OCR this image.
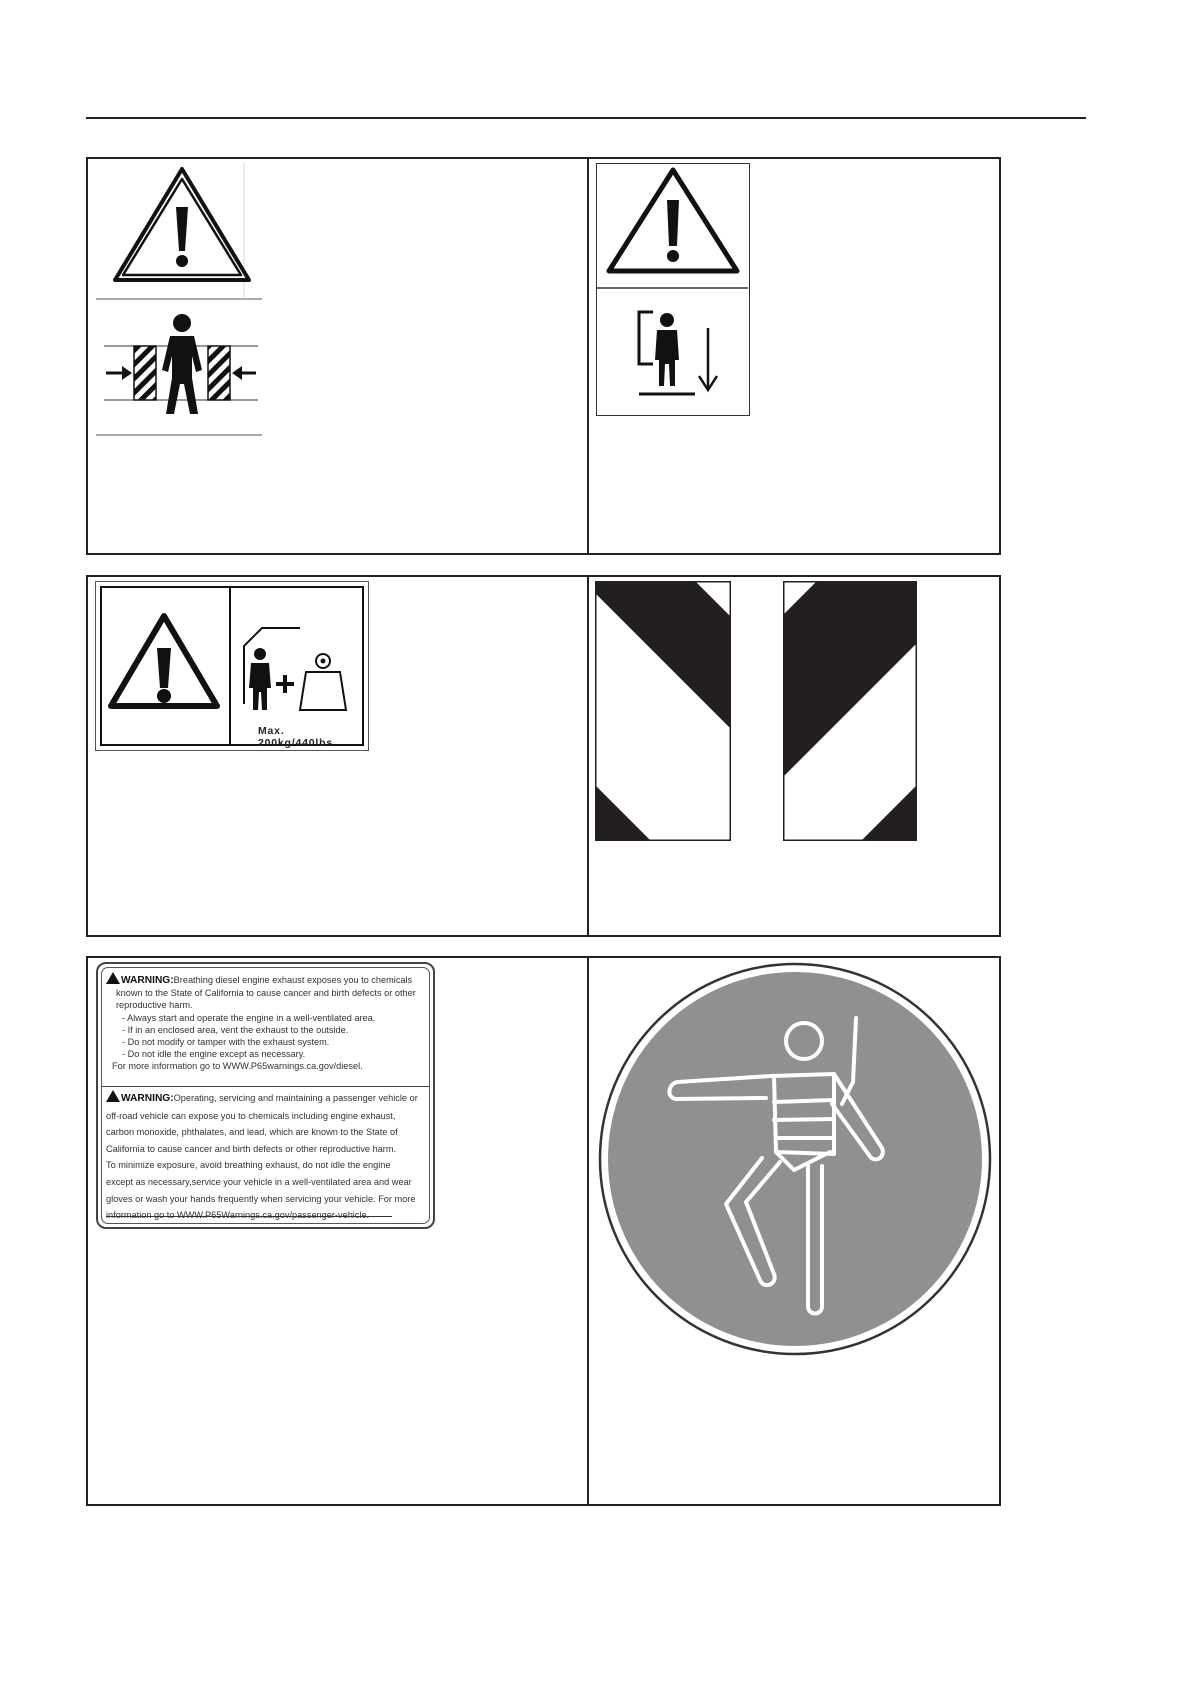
Max. 200kg/440lbs
WARNING:Breathing diesel engine exhaust exposes you to chemicals
known to the State of California to cause cancer and birth defects or other
reproductive harm.
- Always start and operate the engine in a well-ventilated area.
- If in an enclosed area, vent the exhaust to the outside.
- Do not modify or tamper with the exhaust system.
- Do not idle the engine except as necessary.
For more information go to WWW.P65warnings.ca.gov/diesel.
WARNING:Operating, servicing and maintaining a passenger vehicle or
off-road vehicle can expose you to chemicals including engine exhaust,
carbon monoxide, phthalates, and lead, which are known to the State of
California to cause cancer and birth defects or other reproductive harm.
To minimize exposure, avoid breathing exhaust, do not idle the engine
except as necessary,service your vehicle in a well-ventilated area and wear
gloves or wash your hands frequently when servicing your vehicle. For more
